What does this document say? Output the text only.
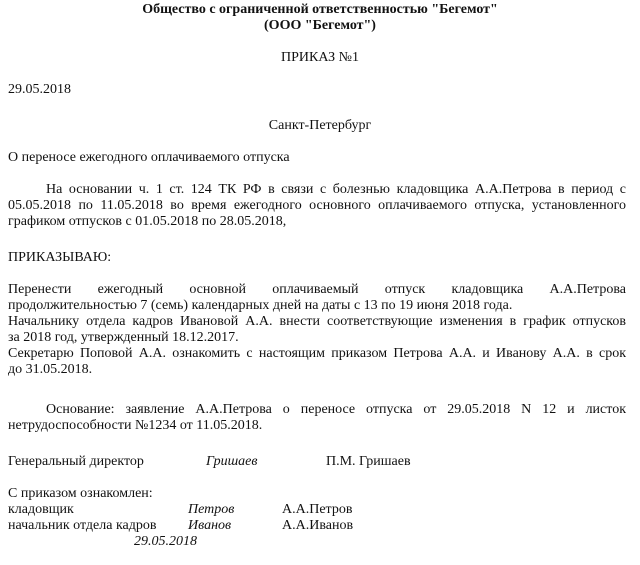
Общество с ограниченной ответственностью "Бегемот"
(ООО "Бегемот")
ПРИКАЗ №1
29.05.2018
Санкт-Петербург
О переносе ежегодного оплачиваемого отпуска
На основании ч. 1 ст. 124 ТК РФ в связи с болезнью кладовщика А.А.Петрова в период с
05.05.2018 по 11.05.2018 во время ежегодного основного оплачиваемого отпуска, установленного
графиком отпусков с 01.05.2018 по 28.05.2018,
ПРИКАЗЫВАЮ:
Перенести ежегодный основной оплачиваемый отпуск кладовщика А.А.Петрова
продолжительностью 7 (семь) календарных дней на даты с 13 по 19 июня 2018 года.
Начальнику отдела кадров Ивановой А.А. внести соответствующие изменения в график отпусков
за 2018 год, утвержденный 18.12.2017.
Секретарю Поповой А.А. ознакомить с настоящим приказом Петрова А.А. и Иванову А.А. в срок
до 31.05.2018.
Основание: заявление А.А.Петрова о переносе отпуска от 29.05.2018 N 12 и листок
нетрудоспособности №1234 от 11.05.2018.
Генеральный директор	Гришаев	П.М. Гришаев
С приказом ознакомлен:
кладовщик	Петров	А.А.Петров
начальник отдела кадров Иванов	А.А.Иванов
29.05.2018
